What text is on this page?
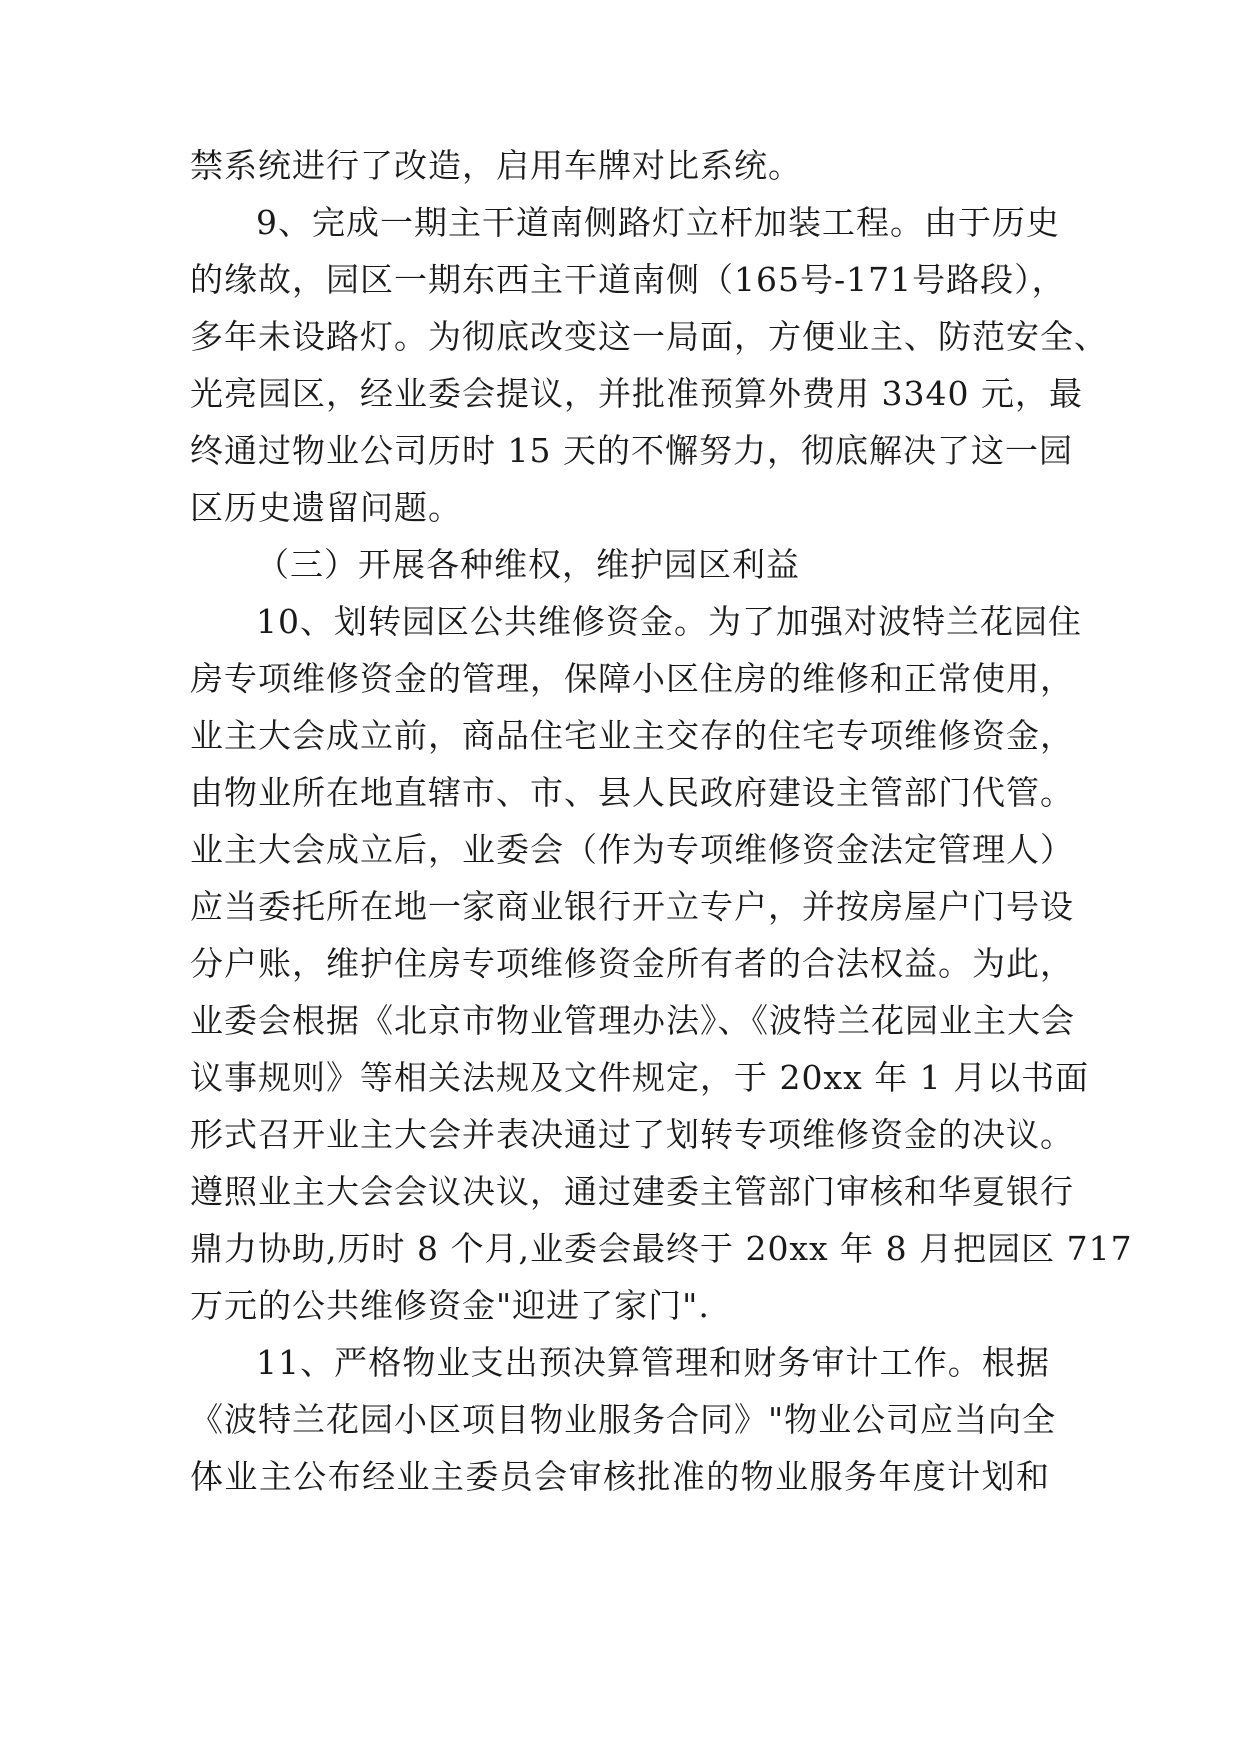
禁系统进行了改造，启用车牌对比系统。
9、完成一期主干道南侧路灯立杆加装工程。由于历史
的缘故，园区一期东西主干道南侧（165号-171号路段），
多年未设路灯。为彻底改变这一局面，方便业主、防范安全、
光亮园区，经业委会提议，并批准预算外费用 3340 元，最
终通过物业公司历时 15 天的不懈努力，彻底解决了这一园
区历史遗留问题。
（三）开展各种维权，维护园区利益
10、划转园区公共维修资金。为了加强对波特兰花园住
房专项维修资金的管理，保障小区住房的维修和正常使用，
业主大会成立前，商品住宅业主交存的住宅专项维修资金，
由物业所在地直辖市、市、县人民政府建设主管部门代管。
业主大会成立后，业委会（作为专项维修资金法定管理人）
应当委托所在地一家商业银行开立专户，并按房屋户门号设
分户账，维护住房专项维修资金所有者的合法权益。为此，
业委会根据《北京市物业管理办法》、《波特兰花园业主大会
议事规则》等相关法规及文件规定，于 20xx 年 1 月以书面
形式召开业主大会并表决通过了划转专项维修资金的决议。
遵照业主大会会议决议，通过建委主管部门审核和华夏银行
鼎力协助,历时 8 个月,业委会最终于 20xx 年 8 月把园区 717
万元的公共维修资金"迎进了家门".
11、严格物业支出预决算管理和财务审计工作。根据
《波特兰花园小区项目物业服务合同》"物业公司应当向全
体业主公布经业主委员会审核批准的物业服务年度计划和
